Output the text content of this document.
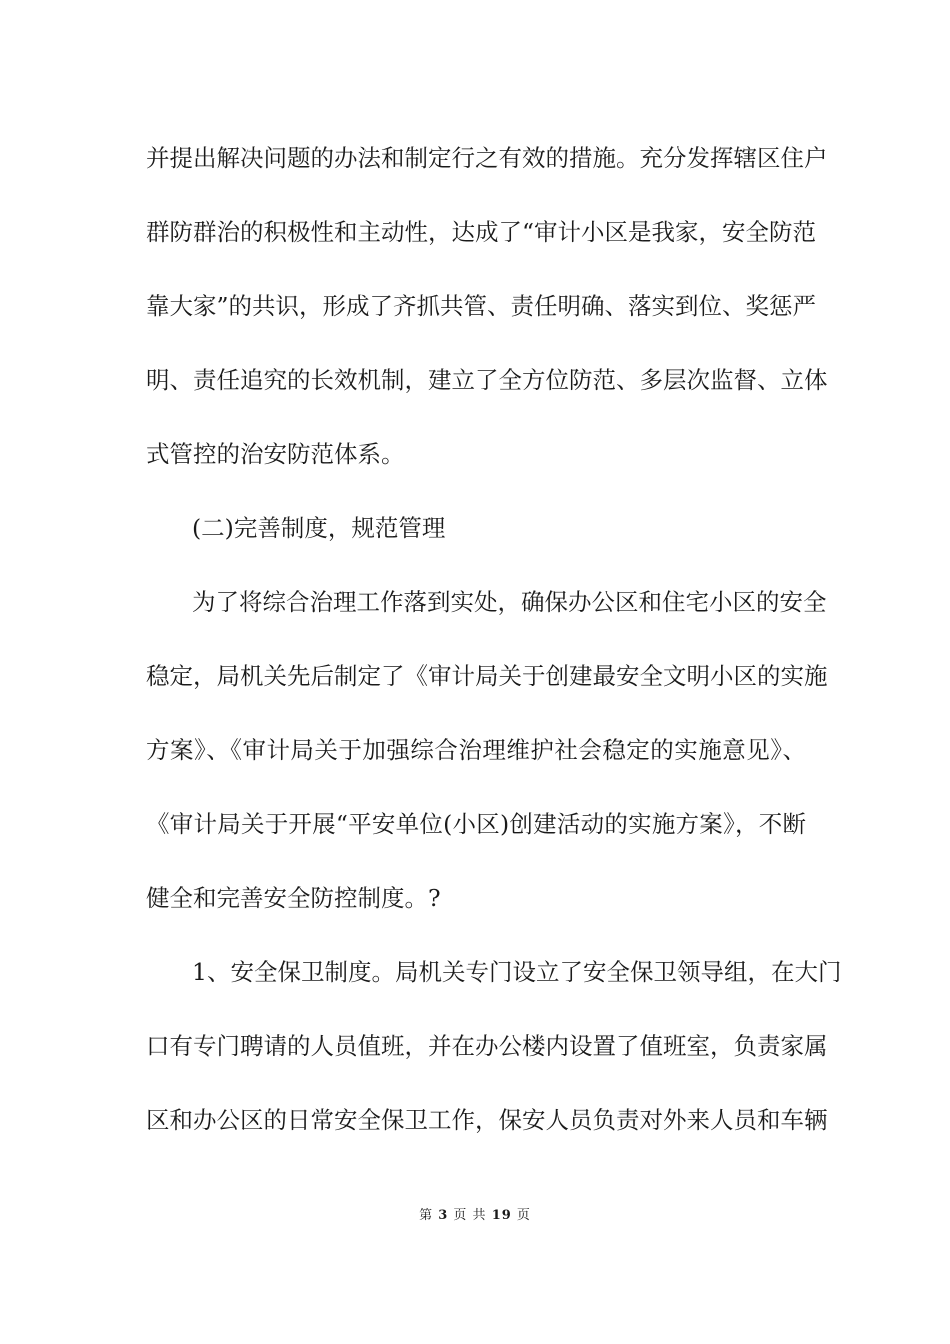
并提出解决问题的办法和制定行之有效的措施。充分发挥辖区住户
群防群治的积极性和主动性，达成了“审计小区是我家，安全防范
靠大家”的共识，形成了齐抓共管、责任明确、落实到位、奖惩严
明、责任追究的长效机制，建立了全方位防范、多层次监督、立体
式管控的治安防范体系。
(二)完善制度，规范管理
为了将综合治理工作落到实处，确保办公区和住宅小区的安全
稳定，局机关先后制定了《审计局关于创建最安全文明小区的实施
方案》、《审计局关于加强综合治理维护社会稳定的实施意见》、
《审计局关于开展“平安单位(小区)创建活动的实施方案》，不断
健全和完善安全防控制度。?
1、安全保卫制度。局机关专门设立了安全保卫领导组，在大门
口有专门聘请的人员值班，并在办公楼内设置了值班室，负责家属
区和办公区的日常安全保卫工作，保安人员负责对外来人员和车辆
第 3 页 共 19 页
